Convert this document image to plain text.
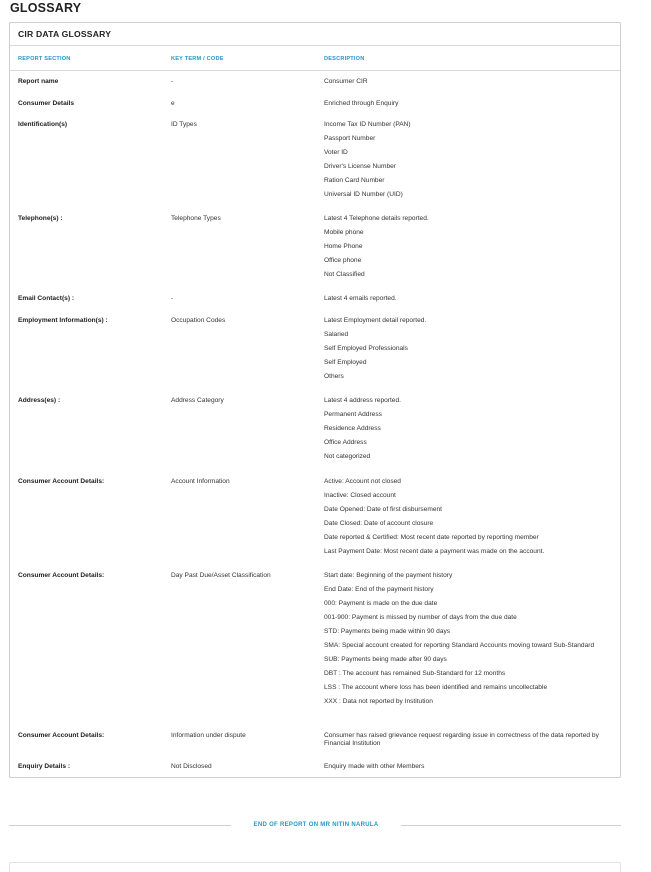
GLOSSARY
CIR DATA GLOSSARY
REPORT SECTION	KEY TERM / CODE	DESCRIPTION
Report name	-	Consumer CIR
Consumer Details	e	Enriched through Enquiry
Identification(s)	ID Types	Income Tax ID Number (PAN)
Passport Number
Voter ID
Driver's License Number
Ration Card Number
Universal ID Number (UID)
Telephone(s) :	Telephone Types	Latest 4 Telephone details reported.
Mobile phone
Home Phone
Office phone
Not Classified
Email Contact(s) :	-	Latest 4 emails reported.
Employment Information(s) :	Occupation Codes	Latest Employment detail reported.
Salaried
Self Employed Professionals
Self Employed
Others
Address(es) :	Address Category	Latest 4 address reported.
Permanent Address
Residence Address
Office Address
Not categorized
Consumer Account Details:	Account Information	Active: Account not closed
Inactive: Closed account
Date Opened: Date of first disbursement
Date Closed: Date of account closure
Date reported & Certified: Most recent date reported by reporting member
Last Payment Date: Most recent date a payment was made on the account.
Consumer Account Details:	Day Past Due/Asset Classification	Start date: Beginning of the payment history
End Date: End of the payment history
000: Payment is made on the due date
001-900: Payment is missed by number of days from the due date
STD: Payments being made within 90 days
SMA: Special account created for reporting Standard Accounts moving toward Sub-Standard
SUB: Payments being made after 90 days
DBT : The account has remained Sub-Standard for 12 months
LSS : The account where loss has been identified and remains uncollectable
XXX : Data not reported by Institution
Consumer Account Details:	Information under dispute	Consumer has raised grievance request regarding issue in correctness of the data reported by Financial Institution
Enquiry Details :	Not Disclosed	Enquiry made with other Members
END OF REPORT ON MR NITIN NARULA
